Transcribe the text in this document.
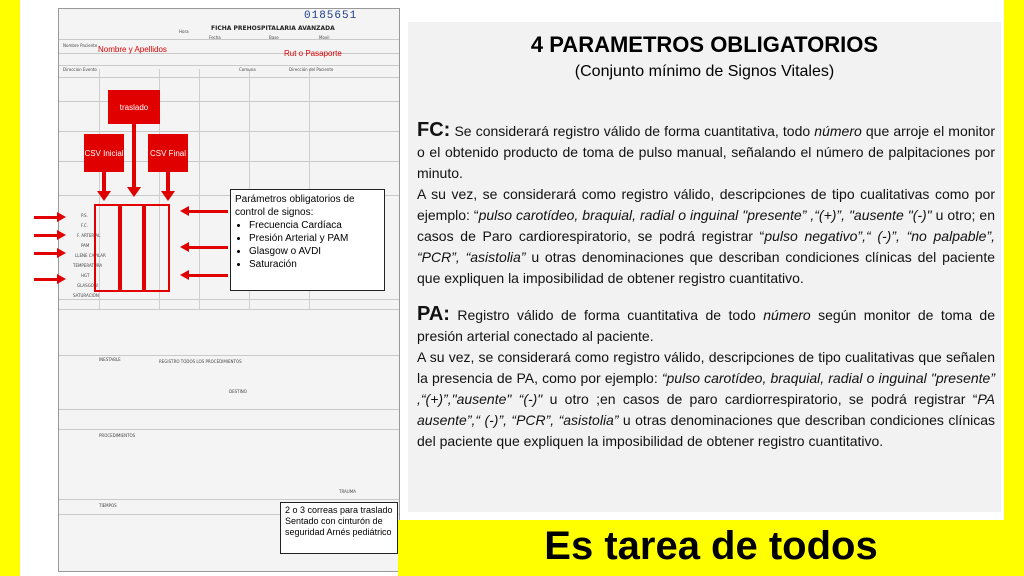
FICHA PREHOSPITALARIA AVANZADA
Nombre Paciente
Hora
Fecha	Base	Movil
Direccion Evento	Comuna	Dirección del Paciente
P.S.
F.C.
F. ARTERIAL
PAM
LLENE CAPILAR
TEMPERATURA
HGT
GLASGOW
SATURACION
INESTABLE	REGISTRO TODOS LOS PROCEDIMIENTOS
DESTINO
TRAUMA
PROCEDIMIENTOS
TIEMPOS
0185651
Nombre y Apellidos	Rut o Pasaporte
traslado
CSV Inicial	CSV Final
Parámetros obligatorios de control de signos:
• Frecuencia Cardíaca
• Presión Arterial y PAM
• Glasgow o AVDI
• Saturación
2 o 3 correas para traslado Sentado con cinturón de seguridad Arnés pediátrico
4 PARAMETROS OBLIGATORIOS
(Conjunto mínimo de Signos Vitales)

FC: Se considerará registro válido de forma cuantitativa, todo número que arroje el monitor o el obtenido producto de toma de pulso manual, señalando el número de palpitaciones por minuto.

A su vez, se considerará como registro válido, descripciones de tipo cualitativas como por ejemplo: “pulso carotídeo, braquial, radial o inguinal "presente” ,“(+)”, "ausente "(-)" u otro; en casos de Paro cardiorespiratorio, se podrá registrar “pulso negativo”,“ (-)”, “no palpable”, “PCR”, “asistolia” u otras denominaciones que describan condiciones clínicas del paciente que expliquen la imposibilidad de obtener registro cuantitativo.

PA: Registro válido de forma cuantitativa de todo número según monitor de toma de presión arterial conectado al paciente.

A su vez, se considerará como registro válido, descripciones de tipo cualitativas que señalen la presencia de PA, como por ejemplo: “pulso carotídeo, braquial, radial o inguinal "presente” ,“(+)”,"ausente" “(-)" u otro ;en casos de paro cardiorrespiratorio, se podrá registrar “PA ausente”,“ (-)”, “PCR”, “asistolia” u otras denominaciones que describan condiciones clínicas del paciente que expliquen la imposibilidad de obtener registro cuantitativo.

Es tarea de todos
